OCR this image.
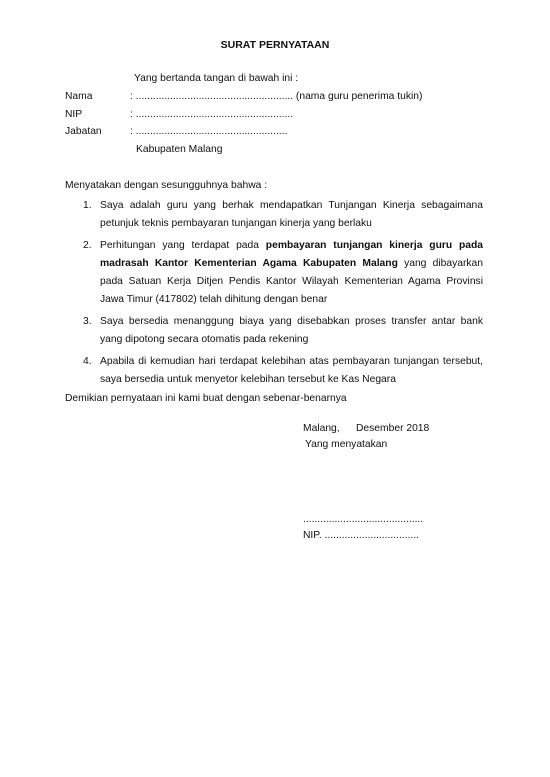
SURAT PERNYATAAN
Yang bertanda tangan di bawah ini :
Nama	: ....................................................... (nama guru penerima tukin)
NIP	: .......................................................
Jabatan	: .....................................................
Kabupaten Malang
Menyatakan dengan sesungguhnya bahwa :
1. Saya adalah guru yang berhak mendapatkan Tunjangan Kinerja sebagaimana petunjuk teknis pembayaran tunjangan kinerja yang berlaku
2. Perhitungan yang terdapat pada pembayaran tunjangan kinerja guru pada madrasah Kantor Kementerian Agama Kabupaten Malang yang dibayarkan pada Satuan Kerja Ditjen Pendis Kantor Wilayah Kementerian Agama Provinsi Jawa Timur (417802) telah dihitung dengan benar
3. Saya bersedia menanggung biaya yang disebabkan proses transfer antar bank yang dipotong secara otomatis pada rekening
4. Apabila di kemudian hari terdapat kelebihan atas pembayaran tunjangan tersebut, saya bersedia untuk menyetor kelebihan tersebut ke Kas Negara
Demikian pernyataan ini kami buat dengan sebenar-benarnya
Malang, Desember 2018
Yang menyatakan
..........................................
NIP. .................................
